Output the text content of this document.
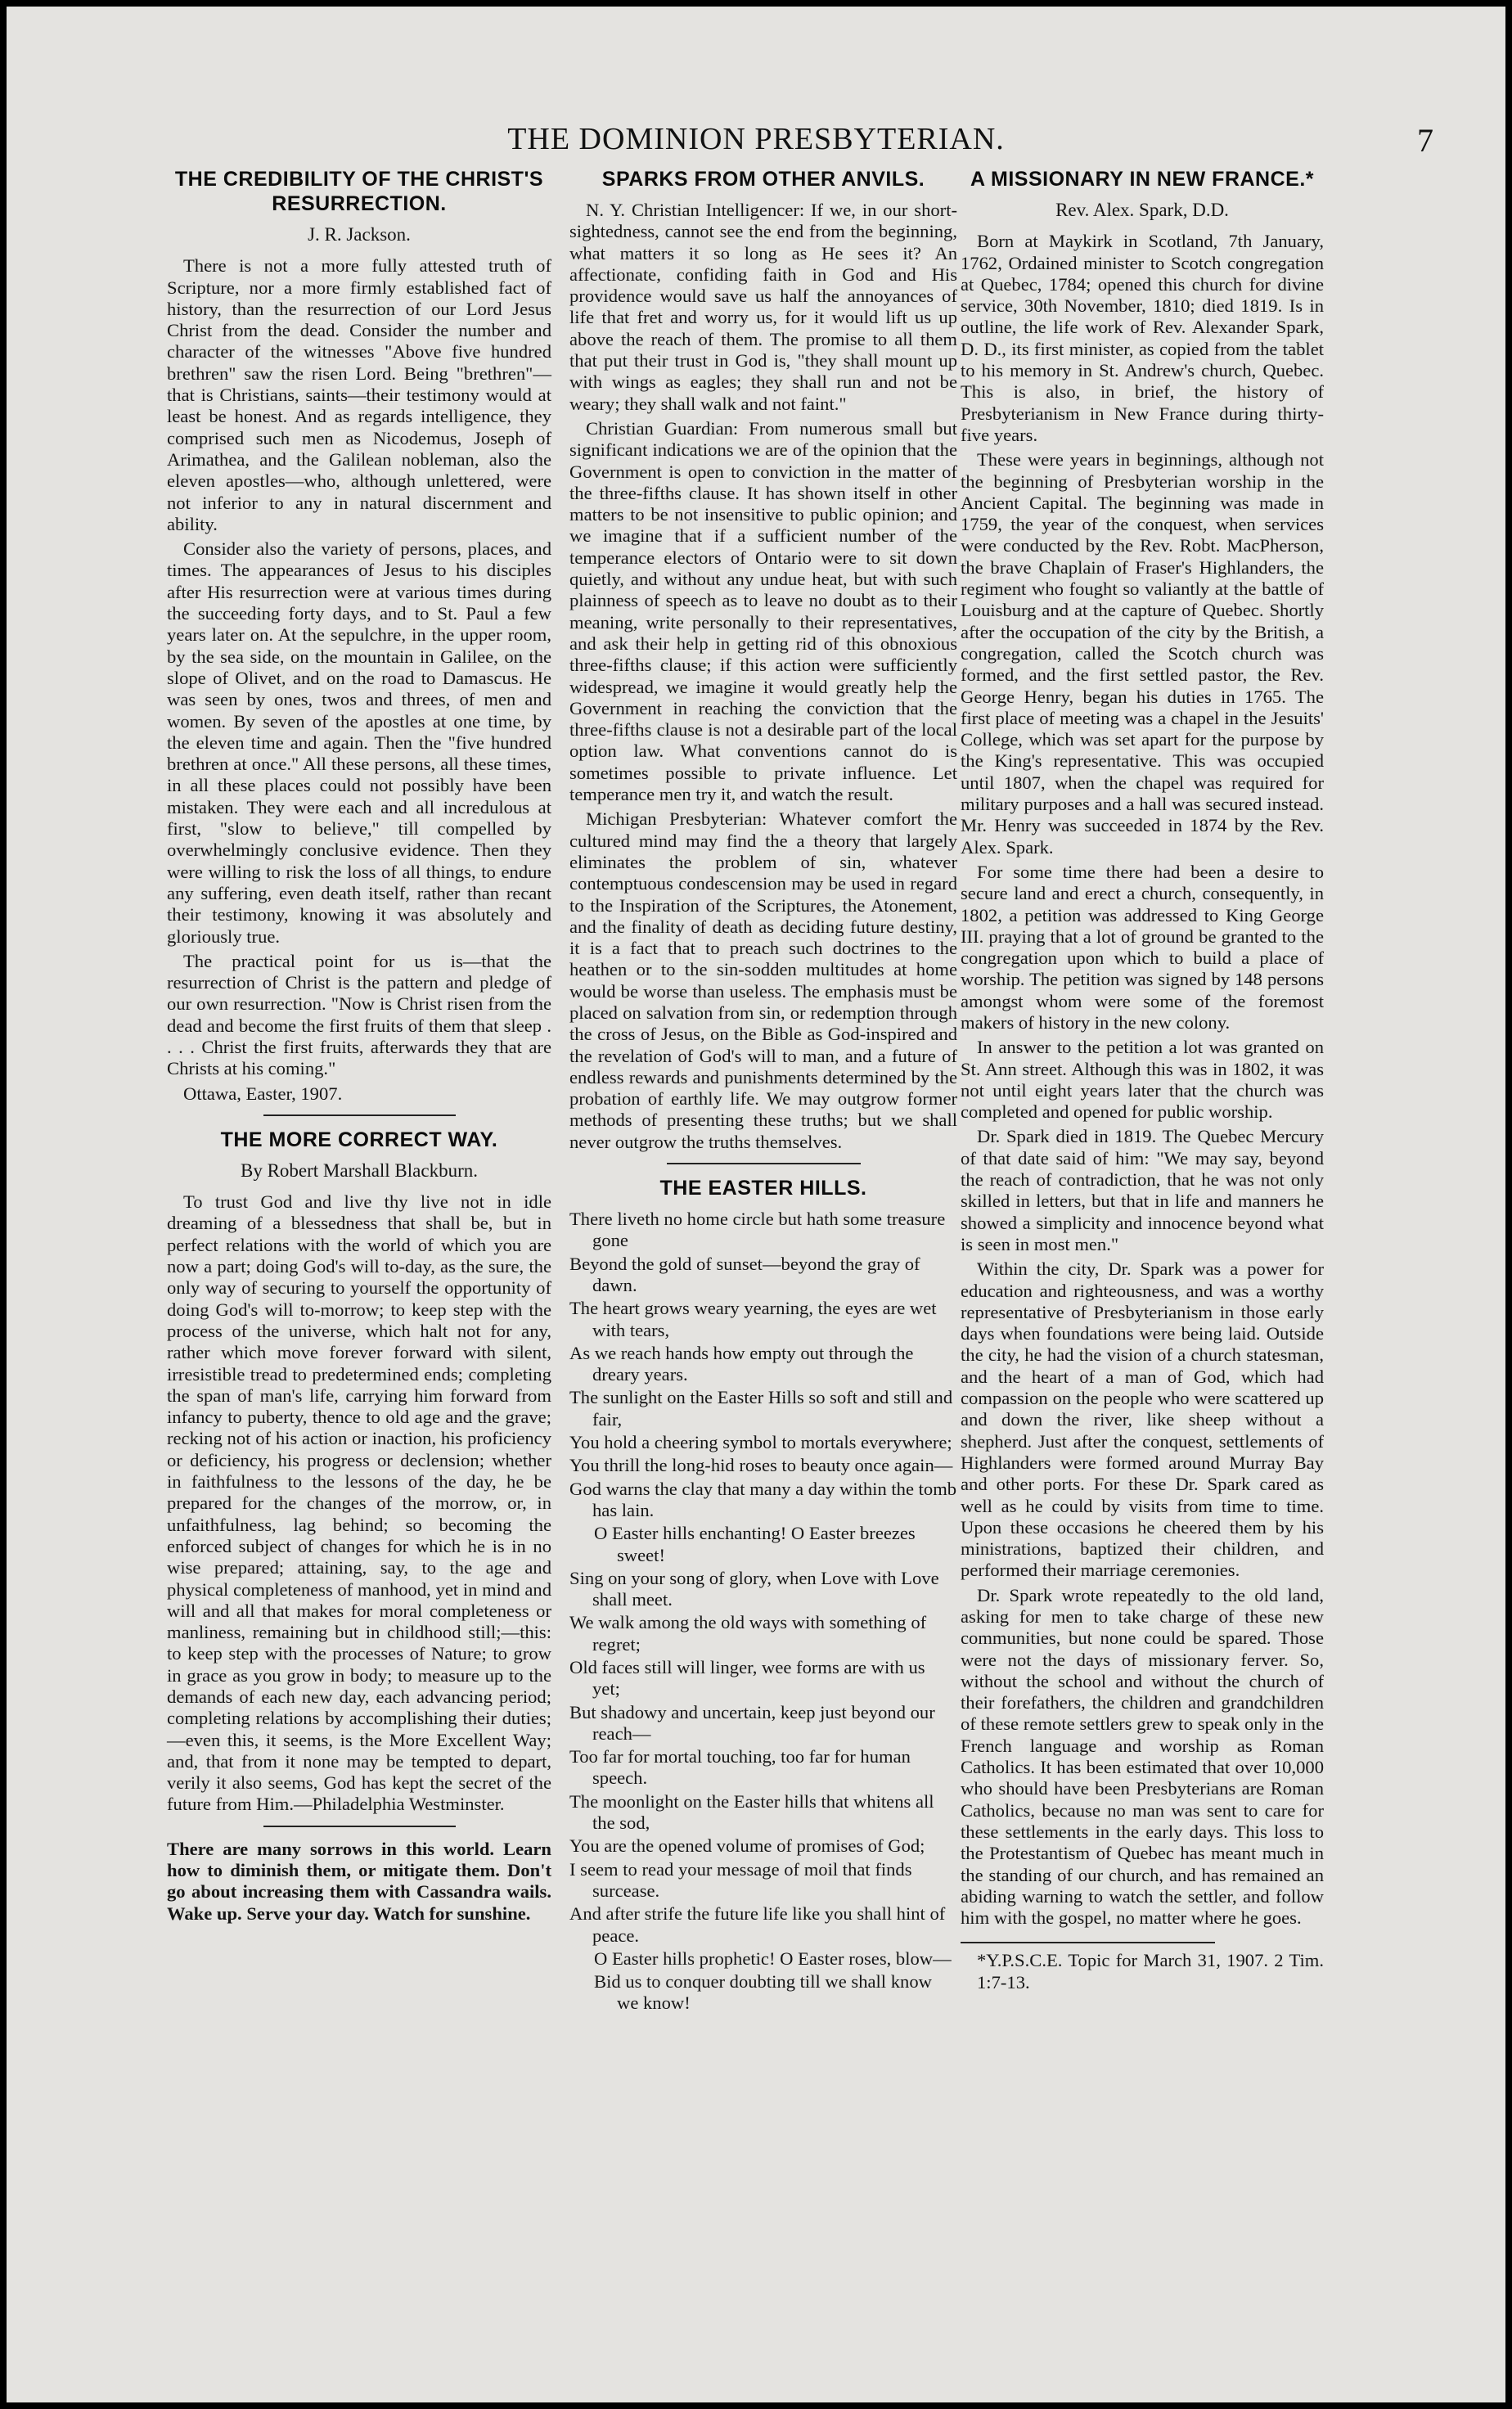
THE DOMINION PRESBYTERIAN.	7
THE CREDIBILITY OF THE CHRIST'S RESURRECTION.
J. R. Jackson.

There is not a more fully attested truth of Scripture, nor a more firmly established fact of history, than the resurrection of our Lord Jesus Christ from the dead. Consider the number and character of the witnesses "Above five hundred brethren" saw the risen Lord. Being "brethren"—that is Christians, saints—their testimony would at least be honest. And as regards intelligence, they comprised such men as Nicodemus, Joseph of Arimathea, and the Galilean nobleman, also the eleven apostles—who, although unlettered, were not inferior to any in natural discernment and ability.

Consider also the variety of persons, places, and times. The appearances of Jesus to his disciples after His resurrection were at various times during the succeeding forty days, and to St. Paul a few years later on. At the sepulchre, in the upper room, by the sea side, on the mountain in Galilee, on the slope of Olivet, and on the road to Damascus. He was seen by ones, twos and threes, of men and women. By seven of the apostles at one time, by the eleven time and again. Then the "five hundred brethren at once." All these persons, all these times, in all these places could not possibly have been mistaken. They were each and all incredulous at first, "slow to believe," till compelled by overwhelmingly conclusive evidence. Then they were willing to risk the loss of all things, to endure any suffering, even death itself, rather than recant their testimony, knowing it was absolutely and gloriously true.

The practical point for us is—that the resurrection of Christ is the pattern and pledge of our own resurrection. "Now is Christ risen from the dead and become the first fruits of them that sleep . . . . Christ the first fruits, afterwards they that are Christs at his coming."

Ottawa, Easter, 1907.
THE MORE CORRECT WAY.
By Robert Marshall Blackburn.

To trust God and live thy live not in idle dreaming of a blessedness that shall be, but in perfect relations with the world of which you are now a part; doing God's will to-day, as the sure, the only way of securing to yourself the opportunity of doing God's will to-morrow; to keep step with the process of the universe, which halt not for any, rather which move forever forward with silent, irresistible tread to predetermined ends; completing the span of man's life, carrying him forward from infancy to puberty, thence to old age and the grave; recking not of his action or inaction, his proficiency or deficiency, his progress or declension; whether in faithfulness to the lessons of the day, he be prepared for the changes of the morrow, or, in unfaithfulness, lag behind; so becoming the enforced subject of changes for which he is in no wise prepared; attaining, say, to the age and physical completeness of manhood, yet in mind and will and all that makes for moral completeness or manliness, remaining but in childhood still;—this: to keep step with the processes of Nature; to grow in grace as you grow in body; to measure up to the demands of each new day, each advancing period; completing relations by accomplishing their duties;—even this, it seems, is the More Excellent Way; and, that from it none may be tempted to depart, verily it also seems, God has kept the secret of the future from Him.—Philadelphia Westminster.

There are many sorrows in this world. Learn how to diminish them, or mitigate them. Don't go about increasing them with Cassandra wails. Wake up. Serve your day. Watch for sunshine.

SPARKS FROM OTHER ANVILS.

N. Y. Christian Intelligencer: If we, in our short-sightedness, cannot see the end from the beginning, what matters it so long as He sees it? An affectionate, confiding faith in God and His providence would save us half the annoyances of life that fret and worry us, for it would lift us up above the reach of them. The promise to all them that put their trust in God is, "they shall mount up with wings as eagles; they shall run and not be weary; they shall walk and not faint."

Christian Guardian: From numerous small but significant indications we are of the opinion that the Government is open to conviction in the matter of the three-fifths clause. It has shown itself in other matters to be not insensitive to public opinion; and we imagine that if a sufficient number of the temperance electors of Ontario were to sit down quietly, and without any undue heat, but with such plainness of speech as to leave no doubt as to their meaning, write personally to their representatives, and ask their help in getting rid of this obnoxious three-fifths clause; if this action were sufficiently widespread, we imagine it would greatly help the Government in reaching the conviction that the three-fifths clause is not a desirable part of the local option law. What conventions cannot do is sometimes possible to private influence. Let temperance men try it, and watch the result.

Michigan Presbyterian: Whatever comfort the cultured mind may find the a theory that largely eliminates the problem of sin, whatever contemptuous condescension may be used in regard to the Inspiration of the Scriptures, the Atonement, and the finality of death as deciding future destiny, it is a fact that to preach such doctrines to the heathen or to the sin-sodden multitudes at home would be worse than useless. The emphasis must be placed on salvation from sin, or redemption through the cross of Jesus, on the Bible as God-inspired and the revelation of God's will to man, and a future of endless rewards and punishments determined by the probation of earthly life. We may outgrow former methods of presenting these truths; but we shall never outgrow the truths themselves.

THE EASTER HILLS.

There liveth no home circle but hath some treasure gone

Beyond the gold of sunset—beyond the gray of dawn.

The heart grows weary yearning, the eyes are wet with tears,

As we reach hands how empty out through the dreary years.

The sunlight on the Easter Hills so soft and still and fair,

You hold a cheering symbol to mortals everywhere;

You thrill the long-hid roses to beauty once again—

God warns the clay that many a day within the tomb has lain.

O Easter hills enchanting! O Easter breezes sweet!

Sing on your song of glory, when Love with Love shall meet.

We walk among the old ways with something of regret;

Old faces still will linger, wee forms are with us yet;

But shadowy and uncertain, keep just beyond our reach—

Too far for mortal touching, too far for human speech.

The moonlight on the Easter hills that whitens all the sod,

You are the opened volume of promises of God;

I seem to read your message of moil that finds surcease.

And after strife the future life like you shall hint of peace.

O Easter hills prophetic! O Easter roses, blow—

Bid us to conquer doubting till we shall know we know!

A MISSIONARY IN NEW FRANCE.*
Rev. Alex. Spark, D.D.

Born at Maykirk in Scotland, 7th January, 1762, Ordained minister to Scotch congregation at Quebec, 1784; opened this church for divine service, 30th November, 1810; died 1819. Is in outline, the life work of Rev. Alexander Spark, D. D., its first minister, as copied from the tablet to his memory in St. Andrew's church, Quebec. This is also, in brief, the history of Presbyterianism in New France during thirty-five years.

These were years in beginnings, although not the beginning of Presbyterian worship in the Ancient Capital. The beginning was made in 1759, the year of the conquest, when services were conducted by the Rev. Robt. MacPherson, the brave Chaplain of Fraser's Highlanders, the regiment who fought so valiantly at the battle of Louisburg and at the capture of Quebec. Shortly after the occupation of the city by the British, a congregation, called the Scotch church was formed, and the first settled pastor, the Rev. George Henry, began his duties in 1765. The first place of meeting was a chapel in the Jesuits' College, which was set apart for the purpose by the King's representative. This was occupied until 1807, when the chapel was required for military purposes and a hall was secured instead. Mr. Henry was succeeded in 1874 by the Rev. Alex. Spark.

For some time there had been a desire to secure land and erect a church, consequently, in 1802, a petition was addressed to King George III. praying that a lot of ground be granted to the congregation upon which to build a place of worship. The petition was signed by 148 persons amongst whom were some of the foremost makers of history in the new colony.

In answer to the petition a lot was granted on St. Ann street. Although this was in 1802, it was not until eight years later that the church was completed and opened for public worship.

Dr. Spark died in 1819. The Quebec Mercury of that date said of him: "We may say, beyond the reach of contradiction, that he was not only skilled in letters, but that in life and manners he showed a simplicity and innocence beyond what is seen in most men."

Within the city, Dr. Spark was a power for education and righteousness, and was a worthy representative of Presbyterianism in those early days when foundations were being laid. Outside the city, he had the vision of a church statesman, and the heart of a man of God, which had compassion on the people who were scattered up and down the river, like sheep without a shepherd. Just after the conquest, settlements of Highlanders were formed around Murray Bay and other ports. For these Dr. Spark cared as well as he could by visits from time to time. Upon these occasions he cheered them by his ministrations, baptized their children, and performed their marriage ceremonies.

Dr. Spark wrote repeatedly to the old land, asking for men to take charge of these new communities, but none could be spared. Those were not the days of missionary ferver. So, without the school and without the church of their forefathers, the children and grandchildren of these remote settlers grew to speak only in the French language and worship as Roman Catholics. It has been estimated that over 10,000 who should have been Presbyterians are Roman Catholics, because no man was sent to care for these settlements in the early days. This loss to the Protestantism of Quebec has meant much in the standing of our church, and has remained an abiding warning to watch the settler, and follow him with the gospel, no matter where he goes.

*Y.P.S.C.E. Topic for March 31, 1907. 2 Tim. 1:7-13.
